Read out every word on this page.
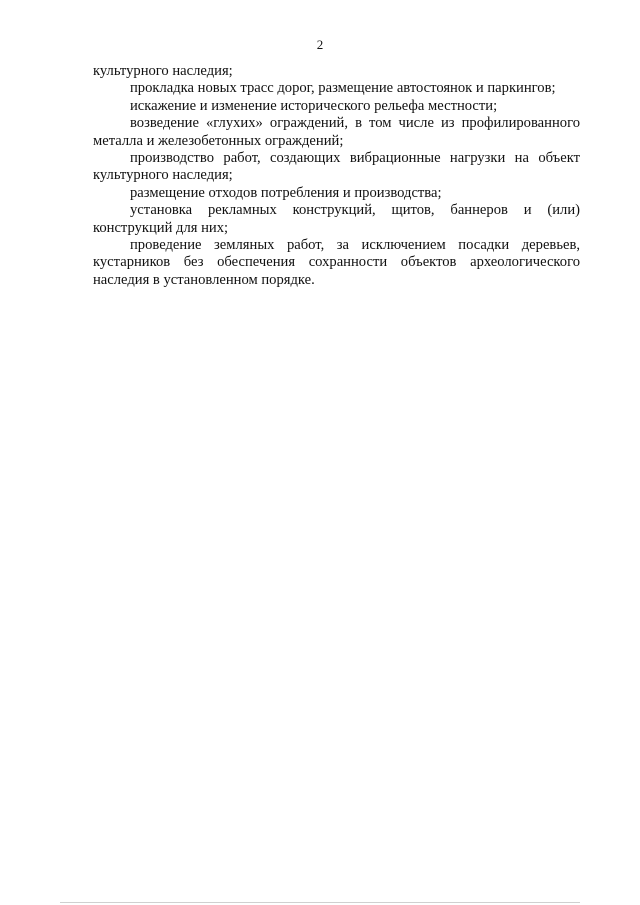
2

культурного наследия;

прокладка новых трасс дорог, размещение автостоянок и паркингов;

искажение и изменение исторического рельефа местности;

возведение «глухих» ограждений, в том числе из профилированного металла и железобетонных ограждений;

производство работ, создающих вибрационные нагрузки на объект культурного наследия;

размещение отходов потребления и производства;

установка рекламных конструкций, щитов, баннеров и (или) конструкций для них;

проведение земляных работ, за исключением посадки деревьев, кустарников без обеспечения сохранности объектов археологического наследия в установленном порядке.
